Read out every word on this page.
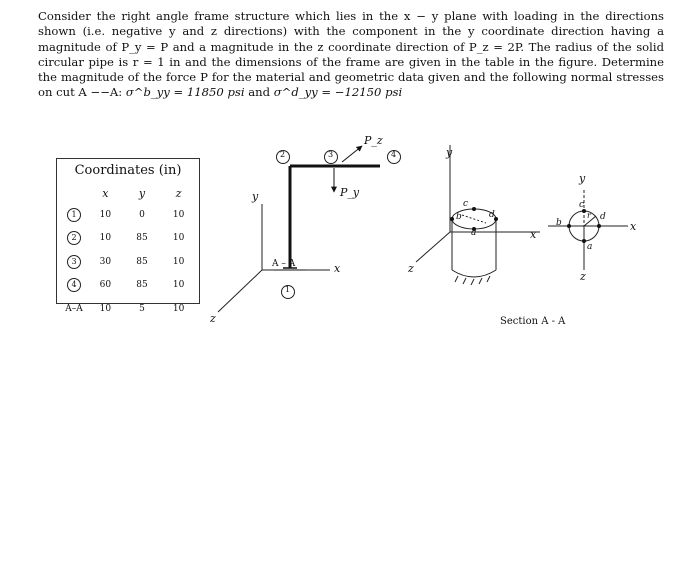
Consider the right angle frame structure which lies in the x − y plane with loading in the directions shown (i.e. negative y and z directions) with the component in the y coordinate direction having a magnitude of P_y = P and a magnitude in the z coordinate direction of P_z = 2P. The radius of the solid circular pipe is r = 1 in and the dimensions of the frame are given in the table in the figure. Determine the magnitude of the force P for the material and geometric data given and the following normal stresses on cut A −−A: σ^b_yy = 11850 psi and σ^d_yy = −12150 psi

Coordinates (in)
	x	y	z
1	10	0	10
2	10	85	10
3	30	85	10
4	60	85	10
A–A	10	5	10
y
x
z
P_y
P_z
2	3	4
1
A – A
y
x
z
b
c
d
a
y
x
z
b
c
d
a
r
Section A - A
